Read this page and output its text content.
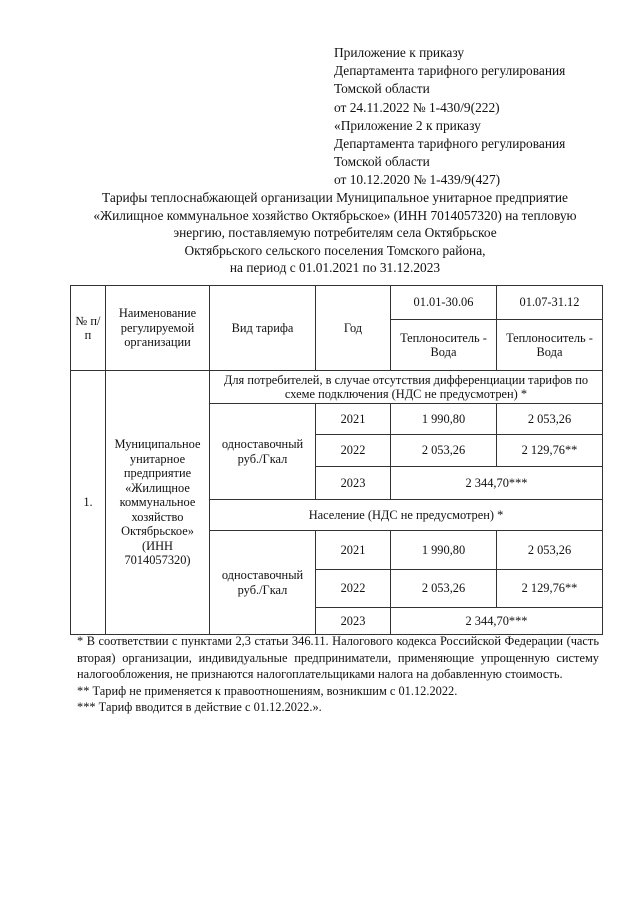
Приложение к приказу
Департамента тарифного регулирования
Томской области
от 24.11.2022 № 1-430/9(222)
«Приложение 2 к приказу
Департамента тарифного регулирования
Томской области
от 10.12.2020 № 1-439/9(427)
Тарифы теплоснабжающей организации Муниципальное унитарное предприятие
«Жилищное коммунальное хозяйство Октябрьское» (ИНН 7014057320) на тепловую
энергию, поставляемую потребителям села Октябрьское
Октябрьского сельского поселения Томского района,
на период с 01.01.2021 по 31.12.2023
№ п/п	Наименование регулируемой организации	Вид тарифа	Год	01.01-30.06	01.07-31.12
				Теплоноситель - Вода	Теплоноситель - Вода
1.	Муниципальное унитарное предприятие «Жилищное коммунальное хозяйство Октябрьское» (ИНН 7014057320)	Для потребителей, в случае отсутствия дифференциации тарифов по схеме подключения (НДС не предусмотрен) *			
		одноставочный руб./Гкал	2021	1 990,80	2 053,26
			2022	2 053,26	2 129,76**
			2023	2 344,70***	
		Население (НДС не предусмотрен) *			
		одноставочный руб./Гкал	2021	1 990,80	2 053,26
			2022	2 053,26	2 129,76**
			2023	2 344,70***	
* В соответствии с пунктами 2,3 статьи 346.11. Налогового кодекса Российской Федерации (часть вторая) организации, индивидуальные предприниматели, применяющие упрощенную систему налогообложения, не признаются налогоплательщиками налога на добавленную стоимость.
** Тариф не применяется к правоотношениям, возникшим с 01.12.2022.
*** Тариф вводится в действие с 01.12.2022.».
